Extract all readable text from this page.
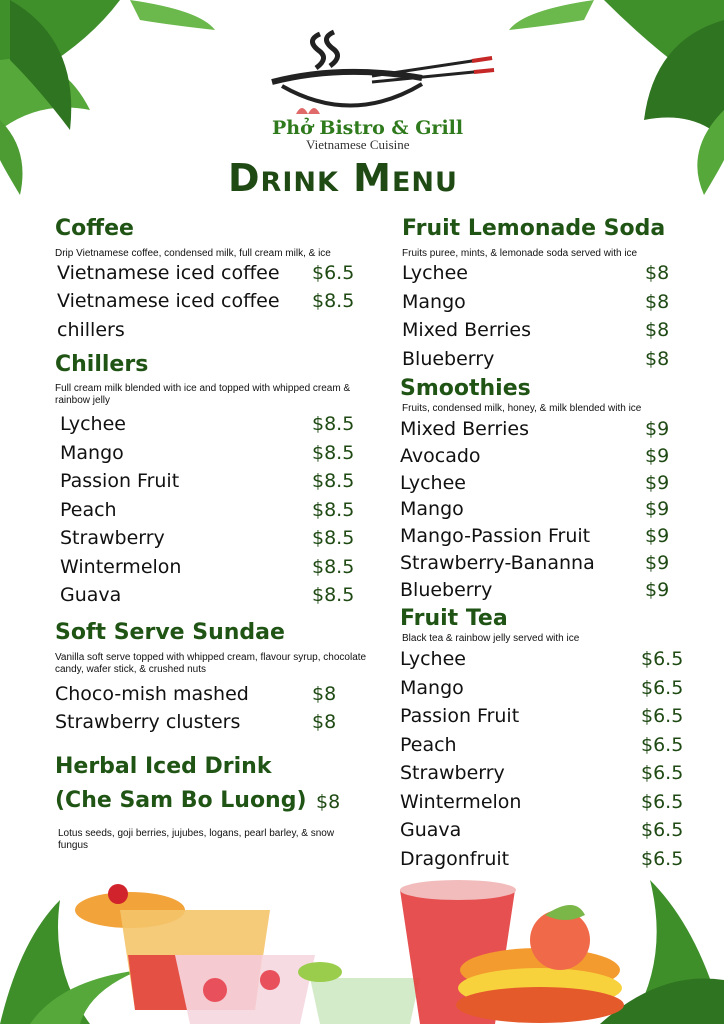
Phở Bistro & Grill
Vietnamese Cuisine
Drink Menu
Coffee
Drip Vietnamese coffee, condensed milk, full cream milk, & ice
Vietnamese iced coffee $6.5
Vietnamese iced coffee $8.5
chillers
Chillers
Full cream milk blended with ice and topped with whipped cream & rainbow jelly
Lychee	$8.5
Mango	$8.5
Passion Fruit	$8.5
Peach	$8.5
Strawberry	$8.5
Wintermelon	$8.5
Guava	$8.5
Soft Serve Sundae
Vanilla soft serve topped with whipped cream, flavour syrup, chocolate candy, wafer stick, & crushed nuts
Choco-mish mashed	$8
Strawberry clusters	$8
Herbal Iced Drink
(Che Sam Bo Luong) $8
Lotus seeds, goji berries, jujubes, logans, pearl barley, & snow fungus
Fruit Lemonade Soda
Fruits puree, mints, & lemonade soda served with ice
Lychee	$8
Mango	$8
Mixed Berries	$8
Blueberry	$8
Smoothies
Fruits, condensed milk, honey, & milk blended with ice
Mixed Berries	$9
Avocado	$9
Lychee	$9
Mango	$9
Mango-Passion Fruit	$9
Strawberry-Bananna	$9
Blueberry	$9
Fruit Tea
Black tea & rainbow jelly served with ice
Lychee	$6.5
Mango	$6.5
Passion Fruit	$6.5
Peach	$6.5
Strawberry	$6.5
Wintermelon	$6.5
Guava	$6.5
Dragonfruit	$6.5
